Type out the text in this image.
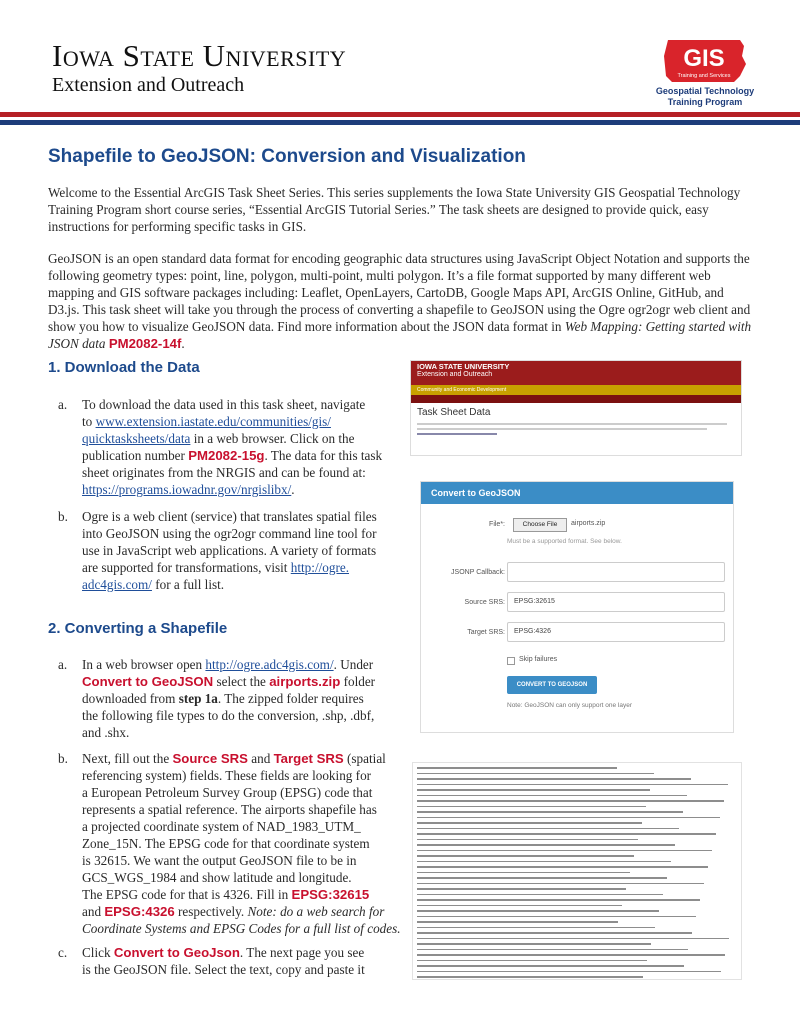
Iowa State University
Extension and Outreach
GIS
Training and Services
Geospatial Technology
Training Program
Shapefile to GeoJSON: Conversion and Visualization
Welcome to the Essential ArcGIS Task Sheet Series. This series supplements the Iowa State University GIS Geospatial Technology Training Program short course series, “Essential ArcGIS Tutorial Series.” The task sheets are designed to provide quick, easy instructions for performing specific tasks in GIS.
GeoJSON is an open standard data format for encoding geographic data structures using JavaScript Object Notation and supports the following geometry types: point, line, polygon, multi-point, multi polygon. It’s a file format supported by many different web mapping and GIS software packages including: Leaflet, OpenLayers, CartoDB, Google Maps API, ArcGIS Online, GitHub, and D3.js. This task sheet will take you through the process of converting a shapefile to GeoJSON using the Ogre ogr2ogr web client and show you how to visualize GeoJSON data. Find more information about the JSON data format in Web Mapping: Getting started with JSON data PM2082-14f.
1. Download the Data
a. To download the data used in this task sheet, navigate
to www.extension.iastate.edu/communities/gis/
quicktasksheets/data in a web browser. Click on the
publication number PM2082-15g. The data for this task
sheet originates from the NRGIS and can be found at:
https://programs.iowadnr.gov/nrgislibx/.
b. Ogre is a web client (service) that translates spatial files
into GeoJSON using the ogr2ogr command line tool for
use in JavaScript web applications. A variety of formats
are supported for transformations, visit http://ogre.
adc4gis.com/ for a full list.
IOWA STATE UNIVERSITY
Extension and Outreach
Community and Economic Development
Task Sheet Data
Convert to GeoJSON
File*:	Choose File	airports.zip
Must be a supported format. See below.
JSONP Callback:
Source SRS:	EPSG:32615
Target SRS:	EPSG:4326
Skip failures
CONVERT TO GEOJSON
Note: GeoJSON can only support one layer
2. Converting a Shapefile
a. In a web browser open http://ogre.adc4gis.com/. Under
Convert to GeoJSON select the airports.zip folder
downloaded from step 1a. The zipped folder requires
the following file types to do the conversion, .shp, .dbf,
and .shx.
b. Next, fill out the Source SRS and Target SRS (spatial
referencing system) fields. These fields are looking for
a European Petroleum Survey Group (EPSG) code that
represents a spatial reference. The airports shapefile has
a projected coordinate system of NAD_1983_UTM_
Zone_15N. The EPSG code for that coordinate system
is 32615. We want the output GeoJSON file to be in
GCS_WGS_1984 and show latitude and longitude.
The EPSG code for that is 4326. Fill in EPSG:32615
and EPSG:4326 respectively. Note: do a web search for
Coordinate Systems and EPSG Codes for a full list of codes.
c. Click Convert to GeoJson. The next page you see
is the GeoJSON file. Select the text, copy and paste it
